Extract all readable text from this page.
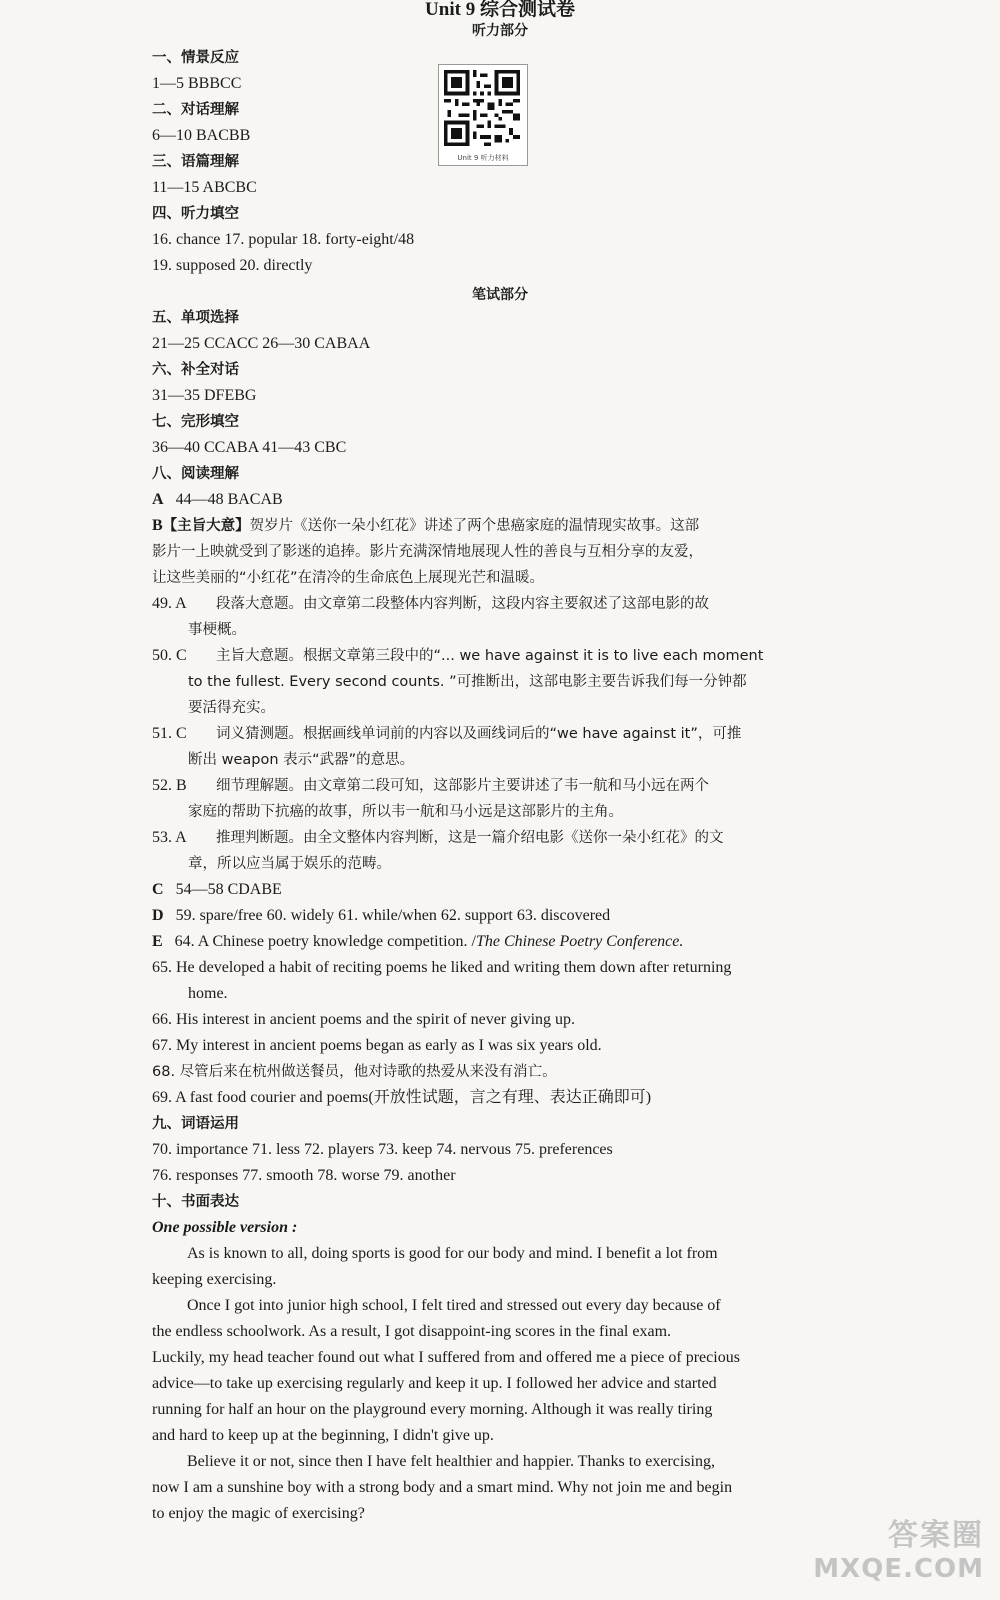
Unit 9 综合测试卷
听力部分
Unit 9 听力材料
一、情景反应
1—5 BBBCC
二、对话理解
6—10 BACBB
三、语篇理解
11—15 ABCBC
四、听力填空
16. chance 17. popular 18. forty-eight/48
19. supposed 20. directly
笔试部分
五、单项选择
21—25 CCACC 26—30 CABAA
六、补全对话
31—35 DFEBG
七、完形填空
36—40 CCABA 41—43 CBC
八、阅读理解
A 44—48 BACAB
B【主旨大意】贺岁片《送你一朵小红花》讲述了两个患癌家庭的温情现实故事。这部
影片一上映就受到了影迷的追捧。影片充满深情地展现人性的善良与互相分享的友爱，
让这些美丽的“小红花”在清冷的生命底色上展现光芒和温暖。
49. A 段落大意题。由文章第二段整体内容判断，这段内容主要叙述了这部电影的故
事梗概。
50. C 主旨大意题。根据文章第三段中的“... we have against it is to live each moment
to the fullest. Every second counts. ”可推断出，这部电影主要告诉我们每一分钟都
要活得充实。
51. C 词义猜测题。根据画线单词前的内容以及画线词后的“we have against it”，可推
断出 weapon 表示“武器”的意思。
52. B 细节理解题。由文章第二段可知，这部影片主要讲述了韦一航和马小远在两个
家庭的帮助下抗癌的故事，所以韦一航和马小远是这部影片的主角。
53. A 推理判断题。由全文整体内容判断，这是一篇介绍电影《送你一朵小红花》的文
章，所以应当属于娱乐的范畴。
C 54—58 CDABE
D 59. spare/free 60. widely 61. while/when 62. support 63. discovered
E 64. A Chinese poetry knowledge competition. /The Chinese Poetry Conference.
65. He developed a habit of reciting poems he liked and writing them down after returning
home.
66. His interest in ancient poems and the spirit of never giving up.
67. My interest in ancient poems began as early as I was six years old.
68. 尽管后来在杭州做送餐员，他对诗歌的热爱从来没有消亡。
69. A fast food courier and poems(开放性试题，言之有理、表达正确即可)
九、词语运用
70. importance 71. less 72. players 73. keep 74. nervous 75. preferences
76. responses 77. smooth 78. worse 79. another
十、书面表达
One possible version :
As is known to all, doing sports is good for our body and mind. I benefit a lot from
keeping exercising.
Once I got into junior high school, I felt tired and stressed out every day because of
the endless schoolwork. As a result, I got disappoint-ing scores in the final exam.
Luckily, my head teacher found out what I suffered from and offered me a piece of precious
advice—to take up exercising regularly and keep it up. I followed her advice and started
running for half an hour on the playground every morning. Although it was really tiring
and hard to keep up at the beginning, I didn't give up.
Believe it or not, since then I have felt healthier and happier. Thanks to exercising,
now I am a sunshine boy with a strong body and a smart mind. Why not join me and begin
to enjoy the magic of exercising?
答案圈
MXQE.COM
